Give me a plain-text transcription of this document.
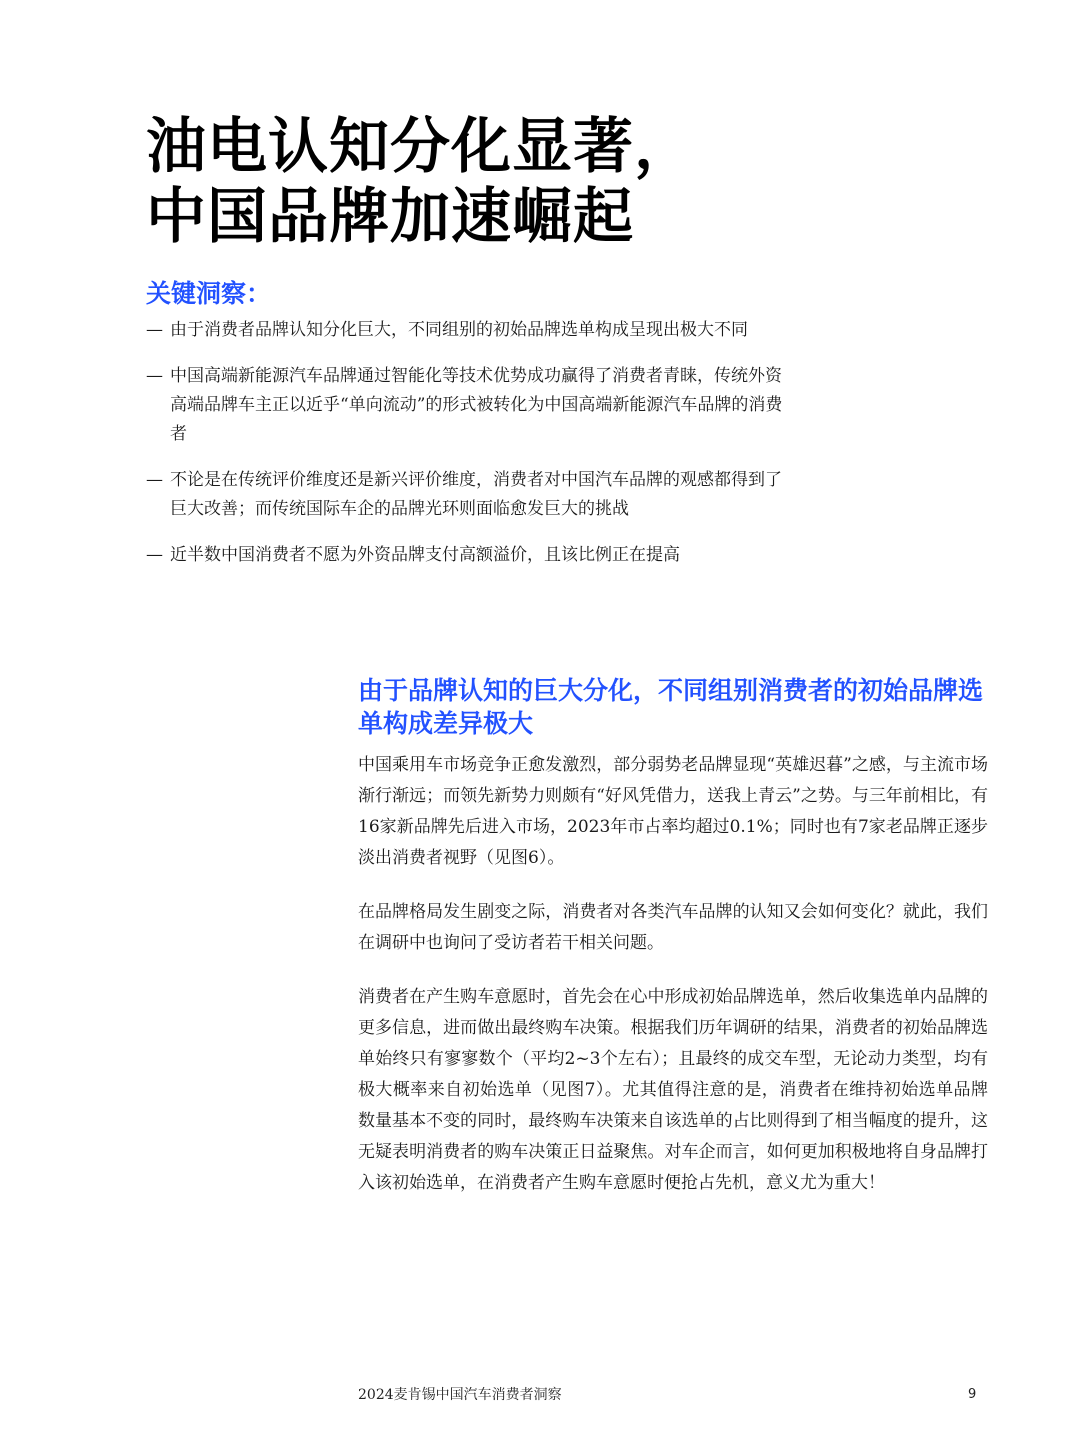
油电认知分化显著，
中国品牌加速崛起
关键洞察：
— 由于消费者品牌认知分化巨大，不同组别的初始品牌选单构成呈现出极大不同
— 中国高端新能源汽车品牌通过智能化等技术优势成功赢得了消费者青睐，传统外资高端品牌车主正以近乎“单向流动”的形式被转化为中国高端新能源汽车品牌的消费者
— 不论是在传统评价维度还是新兴评价维度，消费者对中国汽车品牌的观感都得到了巨大改善；而传统国际车企的品牌光环则面临愈发巨大的挑战
— 近半数中国消费者不愿为外资品牌支付高额溢价，且该比例正在提高
由于品牌认知的巨大分化，不同组别消费者的初始品牌选单构成差异极大

中国乘用车市场竞争正愈发激烈，部分弱势老品牌显现“英雄迟暮”之感，与主流市场渐行渐远；而领先新势力则颇有“好风凭借力，送我上青云”之势。与三年前相比，有16家新品牌先后进入市场，2023年市占率均超过0.1%；同时也有7家老品牌正逐步淡出消费者视野（见图6）。

在品牌格局发生剧变之际，消费者对各类汽车品牌的认知又会如何变化？就此，我们在调研中也询问了受访者若干相关问题。

消费者在产生购车意愿时，首先会在心中形成初始品牌选单，然后收集选单内品牌的更多信息，进而做出最终购车决策。根据我们历年调研的结果，消费者的初始品牌选单始终只有寥寥数个（平均2~3个左右）；且最终的成交车型，无论动力类型，均有极大概率来自初始选单（见图7）。尤其值得注意的是，消费者在维持初始选单品牌数量基本不变的同时，最终购车决策来自该选单的占比则得到了相当幅度的提升，这无疑表明消费者的购车决策正日益聚焦。对车企而言，如何更加积极地将自身品牌打入该初始选单，在消费者产生购车意愿时便抢占先机，意义尤为重大！

2024麦肯锡中国汽车消费者洞察	9
